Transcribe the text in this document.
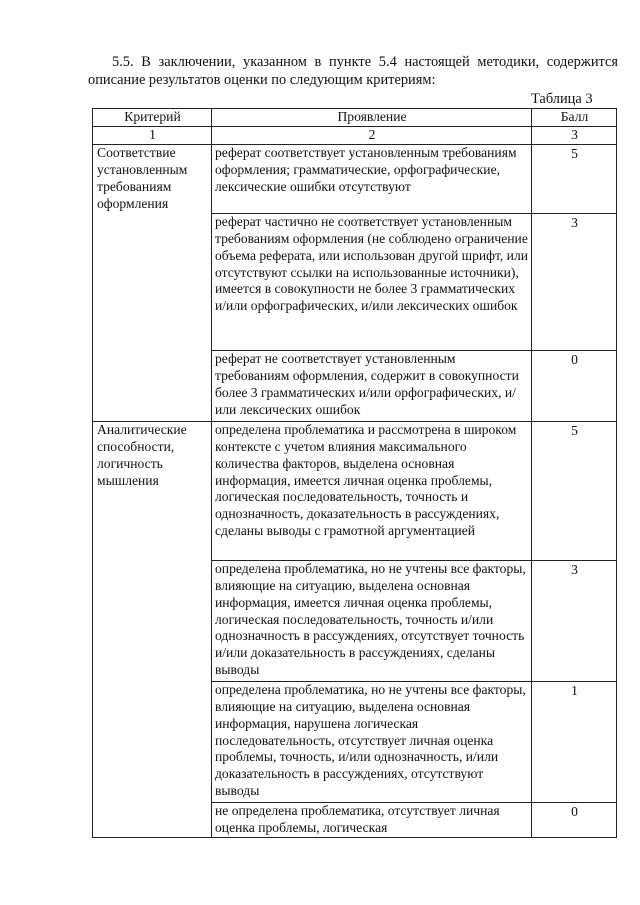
5.5. В заключении, указанном в пункте 5.4 настоящей методики, содержится
описание результатов оценки по следующим критериям:
Таблица 3
Критерий	Проявление	Балл
1	2	3
Соответствие установленным требованиям оформления	реферат соответствует установленным требованиям оформления; грамматические, орфографические, лексические ошибки отсутствуют	5
	реферат частично не соответствует установленным требованиям оформления (не соблюдено ограничение объема реферата, или использован другой шрифт, или отсутствуют ссылки на использованные источники), имеется в совокупности не более 3 грамматических и/или орфографических, и/или лексических ошибок	3
	реферат не соответствует установленным требованиям оформления, содержит в совокупности более 3 грамматических и/или орфографических, и/или лексических ошибок	0
Аналитические способности, логичность мышления	определена проблематика и рассмотрена в широком контексте с учетом влияния максимального количества факторов, выделена основная информация, имеется личная оценка проблемы, логическая последовательность, точность и однозначность, доказательность в рассуждениях, сделаны выводы с грамотной аргументацией	5
	определена проблематика, но не учтены все факторы, влияющие на ситуацию, выделена основная информация, имеется личная оценка проблемы, логическая последовательность, точность и/или однозначность в рассуждениях, отсутствует точность и/или доказательность в рассуждениях, сделаны выводы	3
	определена проблематика, но не учтены все факторы, влияющие на ситуацию, выделена основная информация, нарушена логическая последовательность, отсутствует личная оценка проблемы, точность, и/или однозначность, и/или доказательность в рассуждениях, отсутствуют выводы	1
	не определена проблематика, отсутствует личная оценка проблемы, логическая	0
